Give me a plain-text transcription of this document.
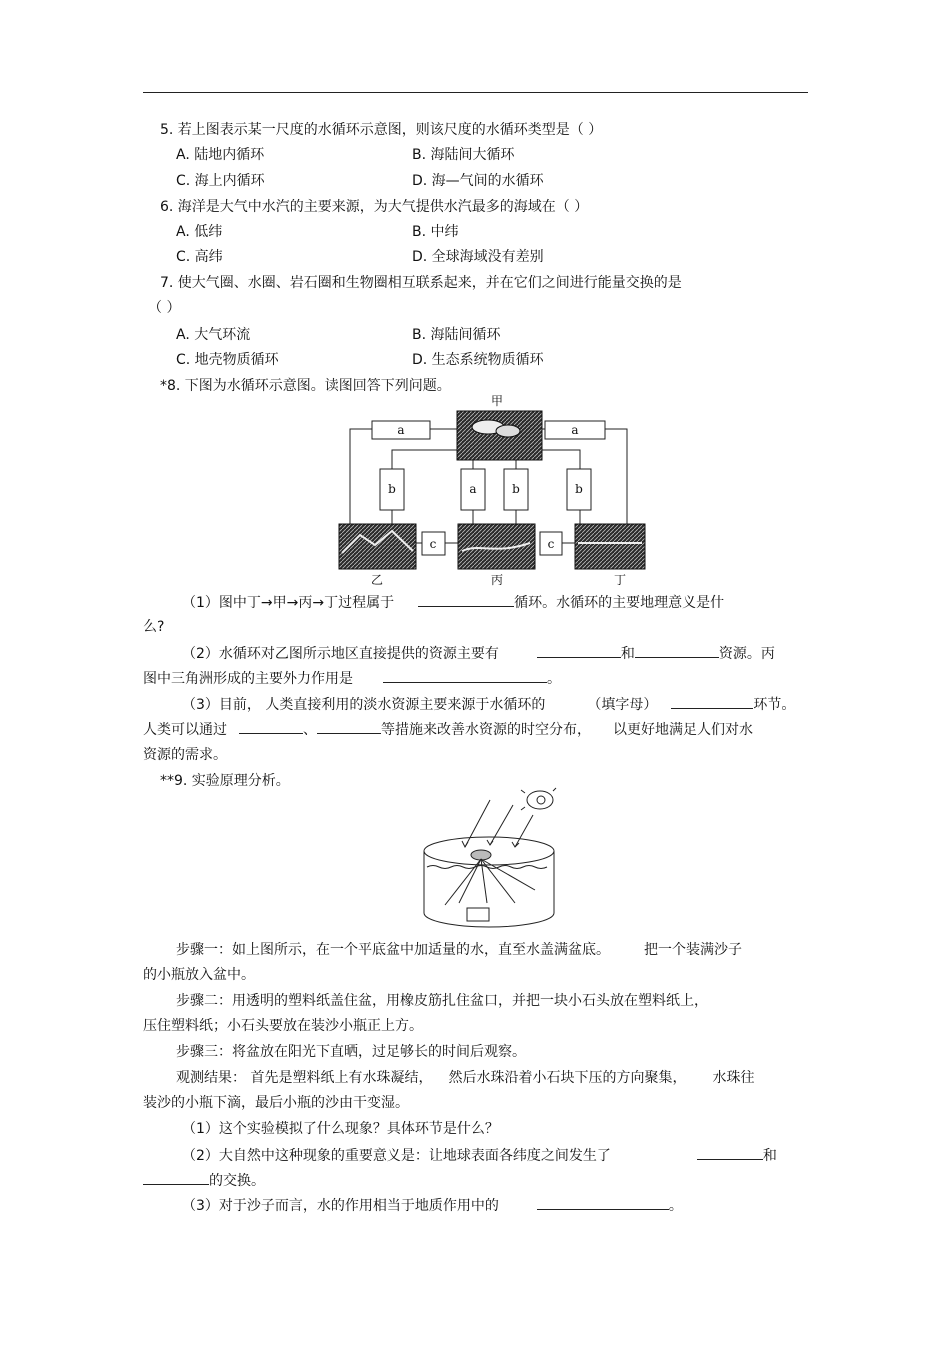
5. 若上图表示某一尺度的水循环示意图，则该尺度的水循环类型是（ ）
A. 陆地内循环	B. 海陆间大循环
C. 海上内循环	D. 海—气间的水循环
6. 海洋是大气中水汽的主要来源，为大气提供水汽最多的海域在（ ）
A. 低纬	B. 中纬
C. 高纬	D. 全球海域没有差别
7. 使大气圈、水圈、岩石圈和生物圈相互联系起来，并在它们之间进行能量交换的是
（ ）
A. 大气环流	B. 海陆间循环
C. 地壳物质循环	D. 生态系统物质循环
*8. 下图为水循环示意图。读图回答下列问题。
a	a
b	a	b	b
c	c
甲
乙	丙	丁
（1）图中丁→甲→丙→丁过程属于	循环。水循环的主要地理意义是什
么?
（2）水循环对乙图所示地区直接提供的资源主要有	和	资源。丙
图中三角洲形成的主要外力作用是	。
（3）目前， 人类直接利用的淡水资源主要来源于水循环的	（填字母）	环节。
人类可以通过	、	等措施来改善水资源的时空分布， 以更好地满足人们对水
资源的需求。
**9. 实验原理分析。
步骤一：如上图所示，在一个平底盆中加适量的水，直至水盖满盆底。 把一个装满沙子
的小瓶放入盆中。
步骤二：用透明的塑料纸盖住盆，用橡皮筋扎住盆口，并把一块小石头放在塑料纸上，
压住塑料纸；小石头要放在装沙小瓶正上方。
步骤三：将盆放在阳光下直晒，过足够长的时间后观察。
观测结果： 首先是塑料纸上有水珠凝结， 然后水珠沿着小石块下压的方向聚集， 水珠往
装沙的小瓶下滴，最后小瓶的沙由干变湿。
（1）这个实验模拟了什么现象？具体环节是什么？
（2）大自然中这种现象的重要意义是：让地球表面各纬度之间发生了	和
的交换。
（3）对于沙子而言，水的作用相当于地质作用中的	。
